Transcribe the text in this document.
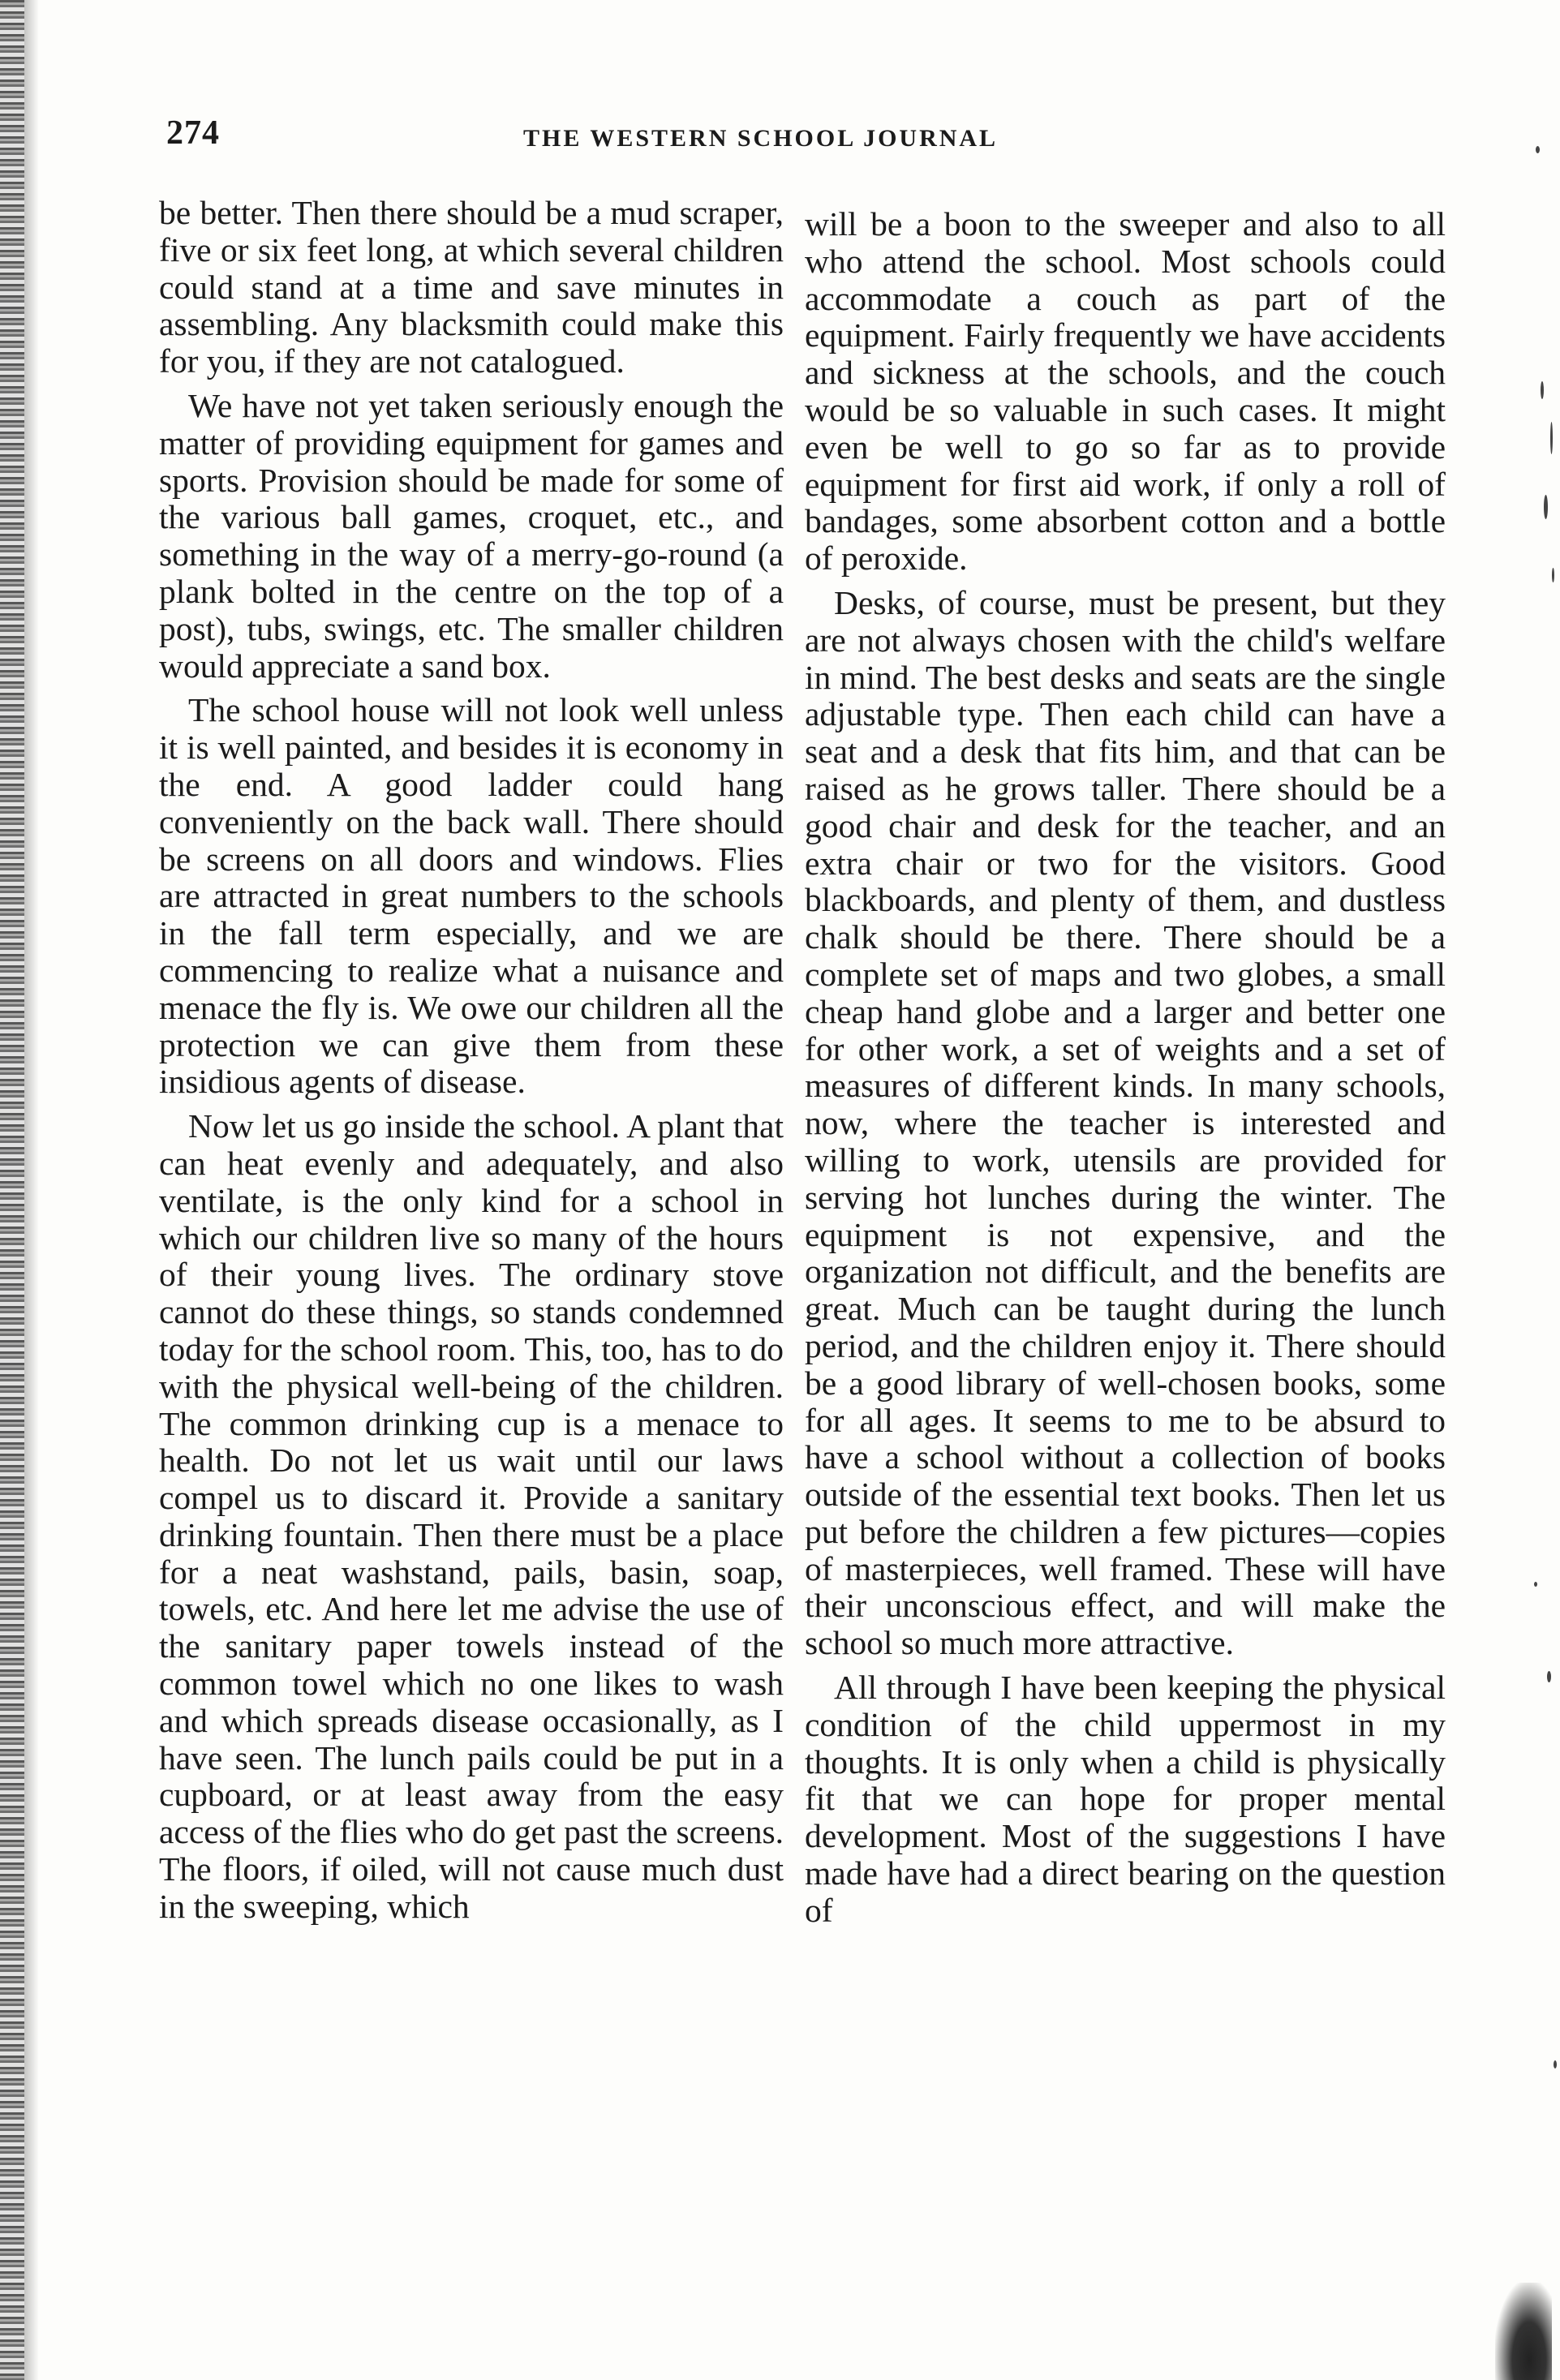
274	THE WESTERN SCHOOL JOURNAL

be better. Then there should be a mud scraper, five or six feet long, at which several children could stand at a time and save minutes in assembling. Any blacksmith could make this for you, if they are not catalogued.

We have not yet taken seriously enough the matter of providing equipment for games and sports. Provision should be made for some of the various ball games, croquet, etc., and something in the way of a merry-go-round (a plank bolted in the centre on the top of a post), tubs, swings, etc. The smaller children would appreciate a sand box.

The school house will not look well unless it is well painted, and besides it is economy in the end. A good ladder could hang conveniently on the back wall. There should be screens on all doors and windows. Flies are attracted in great numbers to the schools in the fall term especially, and we are commencing to realize what a nuisance and menace the fly is. We owe our children all the protection we can give them from these insidious agents of disease.

Now let us go inside the school. A plant that can heat evenly and adequately, and also ventilate, is the only kind for a school in which our children live so many of the hours of their young lives. The ordinary stove cannot do these things, so stands condemned today for the school room. This, too, has to do with the physical well-being of the children. The common drinking cup is a menace to health. Do not let us wait until our laws compel us to discard it. Provide a sanitary drinking fountain. Then there must be a place for a neat washstand, pails, basin, soap, towels, etc. And here let me advise the use of the sanitary paper towels instead of the common towel which no one likes to wash and which spreads disease occasionally, as I have seen. The lunch pails could be put in a cupboard, or at least away from the easy access of the flies who do get past the screens. The floors, if oiled, will not cause much dust in the sweeping, which

will be a boon to the sweeper and also to all who attend the school. Most schools could accommodate a couch as part of the equipment. Fairly frequently we have accidents and sickness at the schools, and the couch would be so valuable in such cases. It might even be well to go so far as to provide equipment for first aid work, if only a roll of bandages, some absorbent cotton and a bottle of peroxide.

Desks, of course, must be present, but they are not always chosen with the child's welfare in mind. The best desks and seats are the single adjustable type. Then each child can have a seat and a desk that fits him, and that can be raised as he grows taller. There should be a good chair and desk for the teacher, and an extra chair or two for the visitors. Good blackboards, and plenty of them, and dustless chalk should be there. There should be a complete set of maps and two globes, a small cheap hand globe and a larger and better one for other work, a set of weights and a set of measures of different kinds. In many schools, now, where the teacher is interested and willing to work, utensils are provided for serving hot lunches during the winter. The equipment is not expensive, and the organization not difficult, and the benefits are great. Much can be taught during the lunch period, and the children enjoy it. There should be a good library of well-chosen books, some for all ages. It seems to me to be absurd to have a school without a collection of books outside of the essential text books. Then let us put before the children a few pictures—copies of masterpieces, well framed. These will have their unconscious effect, and will make the school so much more attractive.

All through I have been keeping the physical condition of the child uppermost in my thoughts. It is only when a child is physically fit that we can hope for proper mental development. Most of the suggestions I have made have had a direct bearing on the question of
